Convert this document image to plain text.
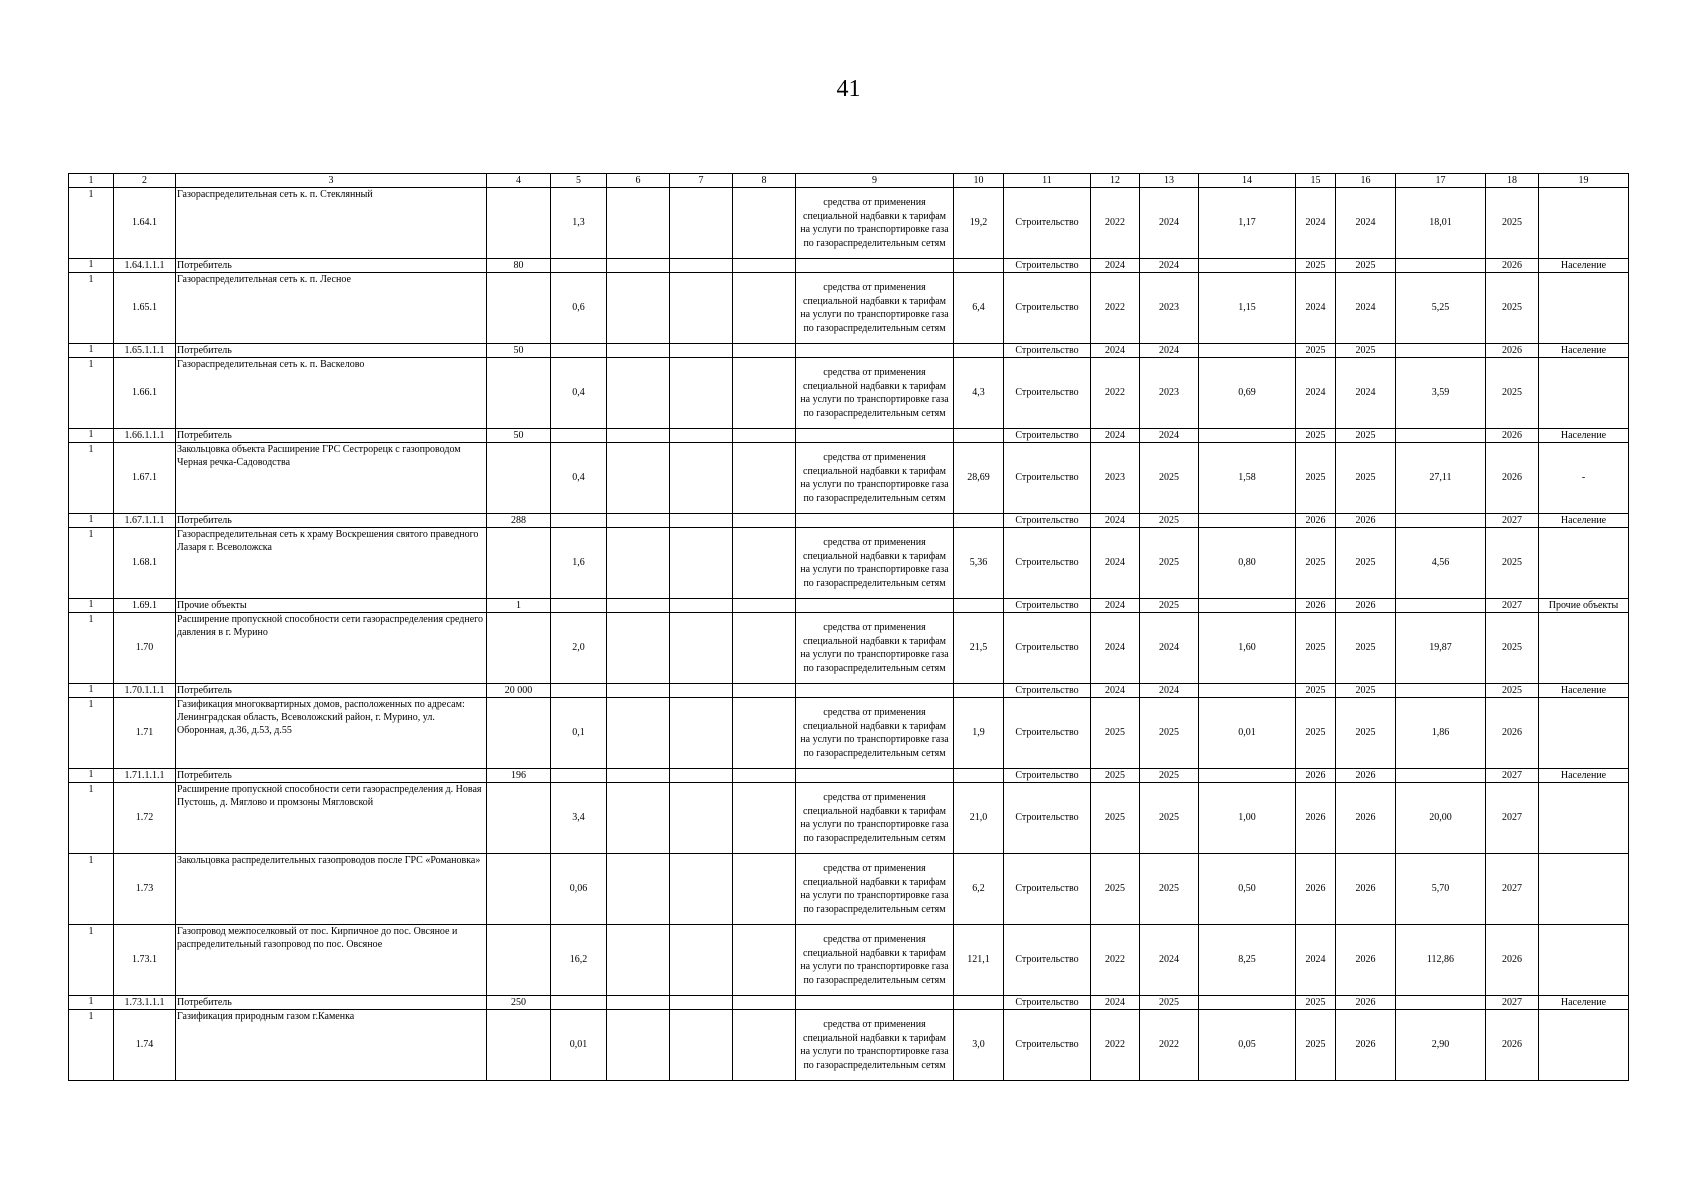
41
1	2	3	4	5	6	7	8	9	10	11	12	13	14	15	16	17	18	19
1	1.64.1	Газораспределительная сеть к. п. Стеклянный		1,3				средства от применения специальной надбавки к тарифам на услуги по транспортировке газа по газораспределительным сетям	19,2	Строительство	2022	2024	1,17	2024	2024	18,01	2025	
1	1.64.1.1.1	Потребитель	80							Строительство	2024	2024		2025	2025		2026	Население
1	1.65.1	Газораспределительная сеть к. п. Лесное		0,6				средства от применения специальной надбавки к тарифам на услуги по транспортировке газа по газораспределительным сетям	6,4	Строительство	2022	2023	1,15	2024	2024	5,25	2025	
1	1.65.1.1.1	Потребитель	50							Строительство	2024	2024		2025	2025		2026	Население
1	1.66.1	Газораспределительная сеть к. п. Васкелово		0,4				средства от применения специальной надбавки к тарифам на услуги по транспортировке газа по газораспределительным сетям	4,3	Строительство	2022	2023	0,69	2024	2024	3,59	2025	
1	1.66.1.1.1	Потребитель	50							Строительство	2024	2024		2025	2025		2026	Население
1	1.67.1	Закольцовка объекта Расширение ГРС Сестрорецк с газопроводом Черная речка-Садоводства		0,4				средства от применения специальной надбавки к тарифам на услуги по транспортировке газа по газораспределительным сетям	28,69	Строительство	2023	2025	1,58	2025	2025	27,11	2026	-
1	1.67.1.1.1	Потребитель	288							Строительство	2024	2025		2026	2026		2027	Население
1	1.68.1	Газораспределительная сеть к храму Воскрешения святого праведного Лазаря г. Всеволожска		1,6				средства от применения специальной надбавки к тарифам на услуги по транспортировке газа по газораспределительным сетям	5,36	Строительство	2024	2025	0,80	2025	2025	4,56	2025	
1	1.69.1	Прочие объекты	1							Строительство	2024	2025		2026	2026		2027	Прочие объекты
1	1.70	Расширение пропускной способности сети газораспределения среднего давления в г. Мурино		2,0				средства от применения специальной надбавки к тарифам на услуги по транспортировке газа по газораспределительным сетям	21,5	Строительство	2024	2024	1,60	2025	2025	19,87	2025	
1	1.70.1.1.1	Потребитель	20 000							Строительство	2024	2024		2025	2025		2025	Население
1	1.71	Газификация многоквартирных домов, расположенных по адресам: Ленинградская область, Всеволожский район, г. Мурино, ул. Оборонная, д.36, д.53, д.55		0,1				средства от применения специальной надбавки к тарифам на услуги по транспортировке газа по газораспределительным сетям	1,9	Строительство	2025	2025	0,01	2025	2025	1,86	2026	
1	1.71.1.1.1	Потребитель	196							Строительство	2025	2025		2026	2026		2027	Население
1	1.72	Расширение пропускной способности сети газораспределения д. Новая Пустошь, д. Мяглово и промзоны Мягловской		3,4				средства от применения специальной надбавки к тарифам на услуги по транспортировке газа по газораспределительным сетям	21,0	Строительство	2025	2025	1,00	2026	2026	20,00	2027	
1	1.73	Закольцовка распределительных газопроводов после ГРС «Романовка»		0,06				средства от применения специальной надбавки к тарифам на услуги по транспортировке газа по газораспределительным сетям	6,2	Строительство	2025	2025	0,50	2026	2026	5,70	2027	
1	1.73.1	Газопровод межпоселковый от пос. Кирпичное до пос. Овсяное и распределительный газопровод по пос. Овсяное		16,2				средства от применения специальной надбавки к тарифам на услуги по транспортировке газа по газораспределительным сетям	121,1	Строительство	2022	2024	8,25	2024	2026	112,86	2026	
1	1.73.1.1.1	Потребитель	250							Строительство	2024	2025		2025	2026		2027	Население
1	1.74	Газификация природным газом г.Каменка		0,01				средства от применения специальной надбавки к тарифам на услуги по транспортировке газа по газораспределительным сетям	3,0	Строительство	2022	2022	0,05	2025	2026	2,90	2026	
